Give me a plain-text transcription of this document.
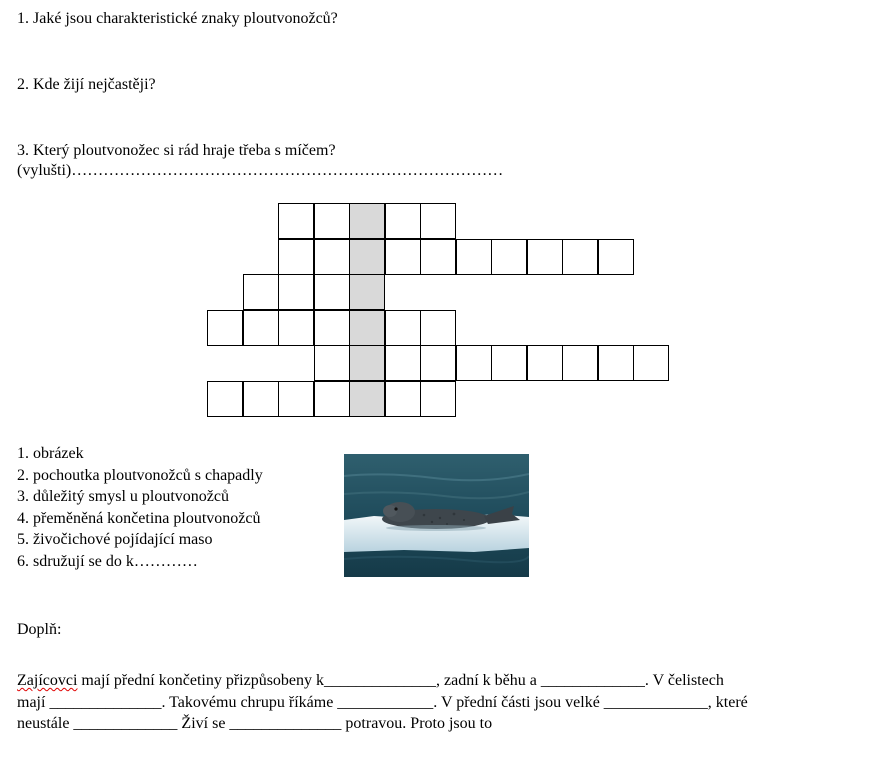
1. Jaké jsou charakteristické znaky ploutvonožců?
2. Kde žijí nejčastěji?
3. Který ploutvonožec si rád hraje třeba s míčem?
(vylušti)………………………………………………………………………
1. obrázek
2. pochoutka ploutvonožců s chapadly
3. důležitý smysl u ploutvonožců
4. přeměněná končetina ploutvonožců
5. živočichové pojídající maso
6. sdružují se do k…………
Doplň:
Zajícovci mají přední končetiny přizpůsobeny k______________, zadní k běhu a _____________. V čelistech
mají ______________. Takovému chrupu říkáme ____________. V přední části jsou velké _____________, které
neustále _____________ Živí se ______________ potravou. Proto jsou to
